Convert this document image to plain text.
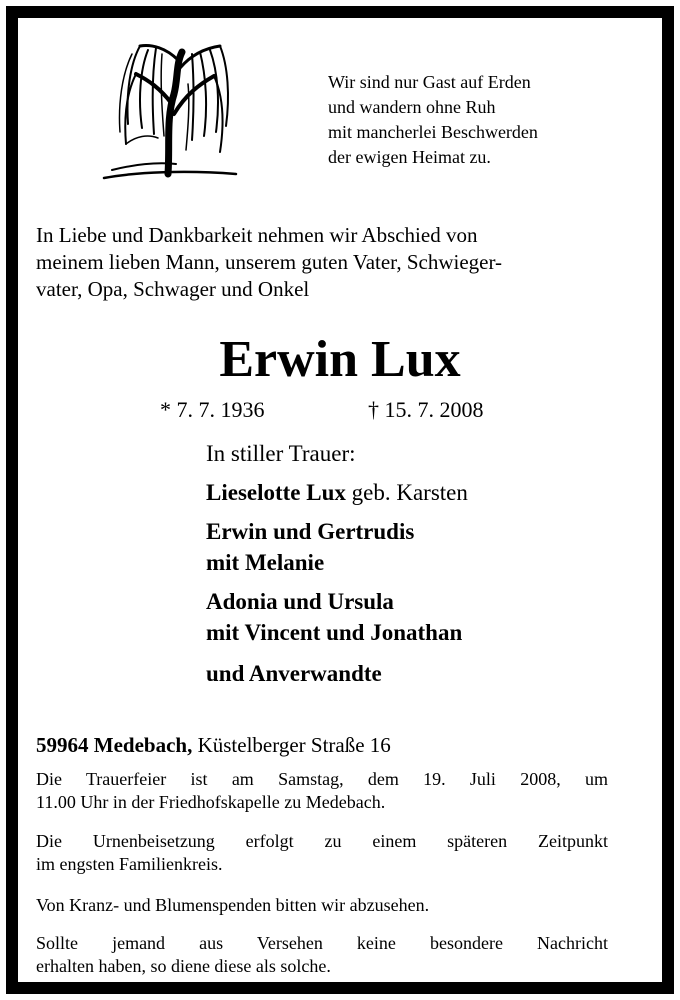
Wir sind nur Gast auf Erden
und wandern ohne Ruh
mit mancherlei Beschwerden
der ewigen Heimat zu.
In Liebe und Dankbarkeit nehmen wir Abschied von
meinem lieben Mann, unserem guten Vater, Schwieger-
vater, Opa, Schwager und Onkel
Erwin Lux
* 7. 7. 1936	† 15. 7. 2008
In stiller Trauer:
Lieselotte Lux geb. Karsten
Erwin und Gertrudis
mit Melanie
Adonia und Ursula
mit Vincent und Jonathan
und Anverwandte
59964 Medebach, Küstelberger Straße 16
Die Trauerfeier ist am Samstag, dem 19. Juli 2008, um
11.00 Uhr in der Friedhofskapelle zu Medebach.
Die Urnenbeisetzung erfolgt zu einem späteren Zeitpunkt
im engsten Familienkreis.
Von Kranz- und Blumenspenden bitten wir abzusehen.
Sollte jemand aus Versehen keine besondere Nachricht
erhalten haben, so diene diese als solche.
